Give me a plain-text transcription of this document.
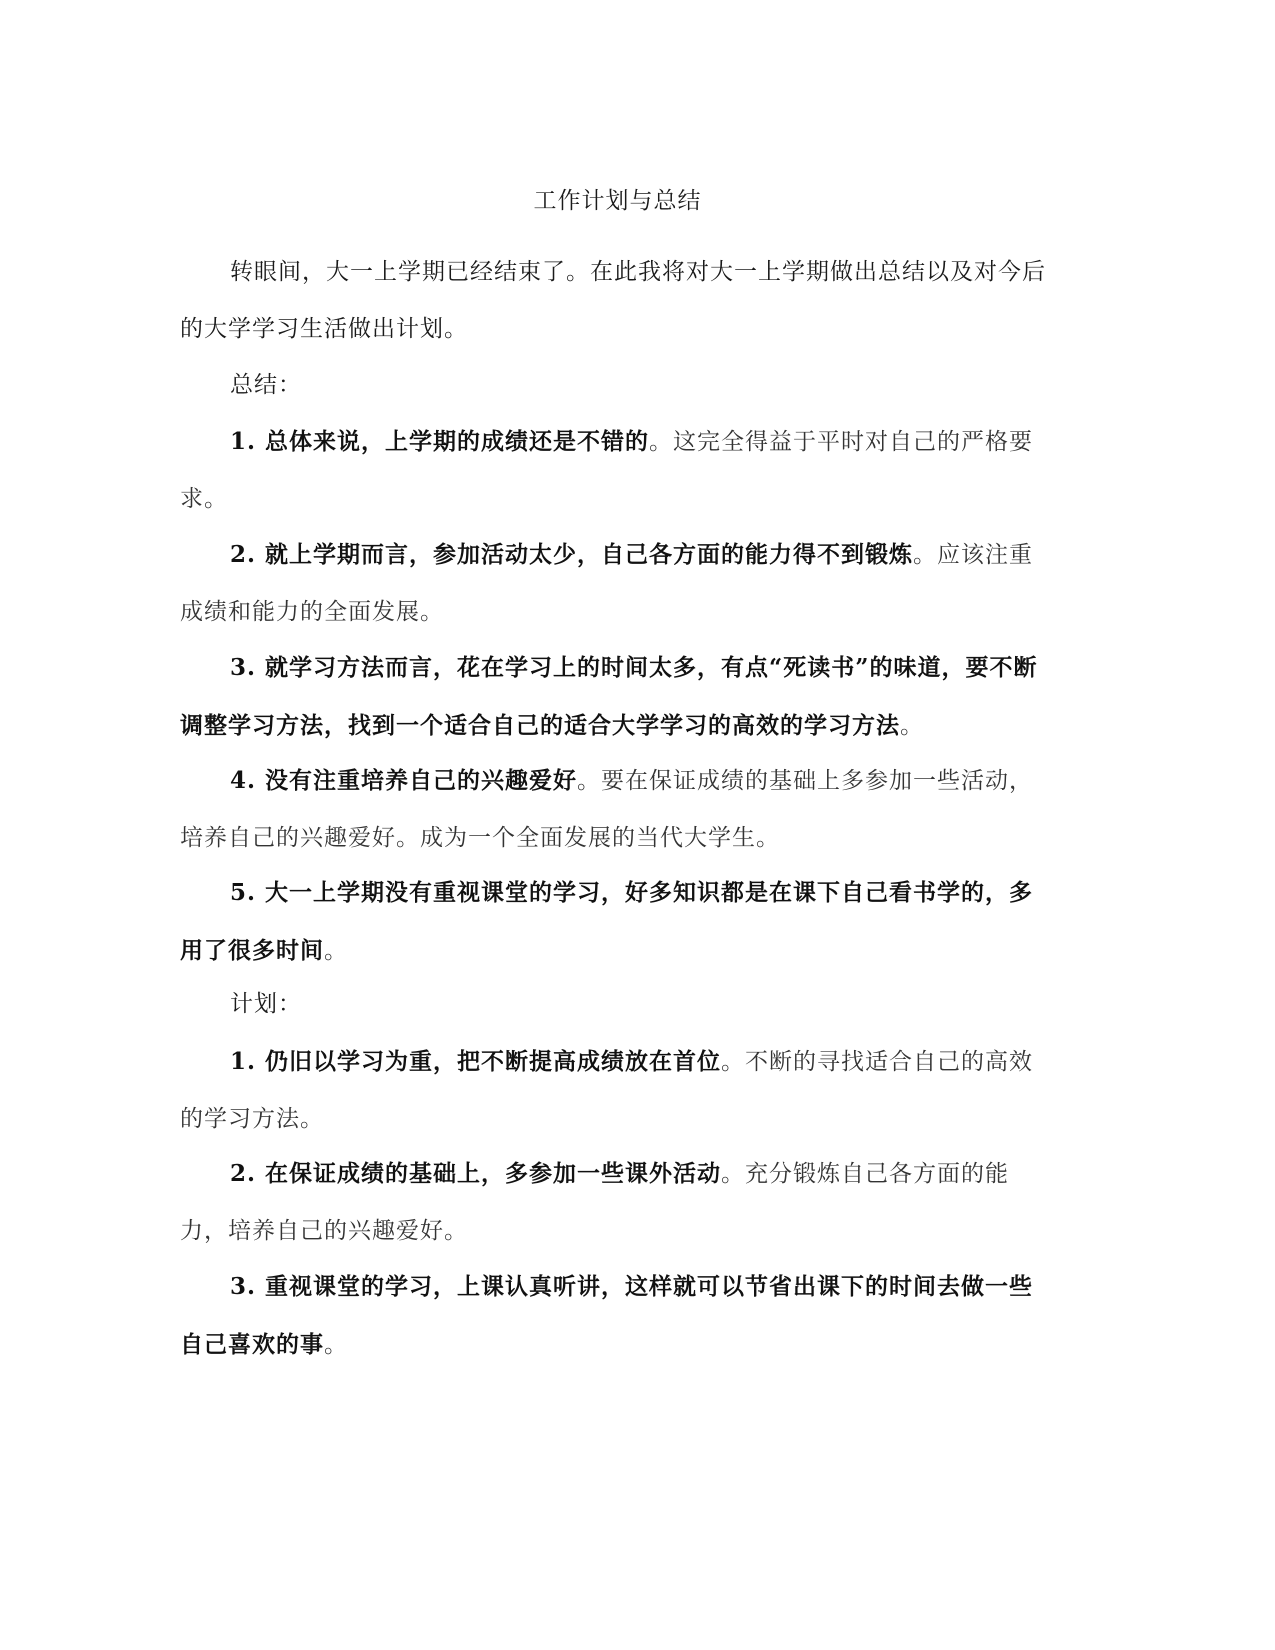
工作计划与总结

转眼间，大一上学期已经结束了。在此我将对大一上学期做出总结以及对今后的大学学习生活做出计划。

总结：

1. 总体来说，上学期的成绩还是不错的。这完全得益于平时对自己的严格要求。

2. 就上学期而言，参加活动太少，自己各方面的能力得不到锻炼。应该注重成绩和能力的全面发展。

3. 就学习方法而言，花在学习上的时间太多，有点“死读书”的味道，要不断调整学习方法，找到一个适合自己的适合大学学习的高效的学习方法。

4. 没有注重培养自己的兴趣爱好。要在保证成绩的基础上多参加一些活动，培养自己的兴趣爱好。成为一个全面发展的当代大学生。

5. 大一上学期没有重视课堂的学习，好多知识都是在课下自己看书学的，多用了很多时间。

计划：

1. 仍旧以学习为重，把不断提高成绩放在首位。不断的寻找适合自己的高效的学习方法。

2. 在保证成绩的基础上，多参加一些课外活动。充分锻炼自己各方面的能力，培养自己的兴趣爱好。

3. 重视课堂的学习，上课认真听讲，这样就可以节省出课下的时间去做一些自己喜欢的事。
